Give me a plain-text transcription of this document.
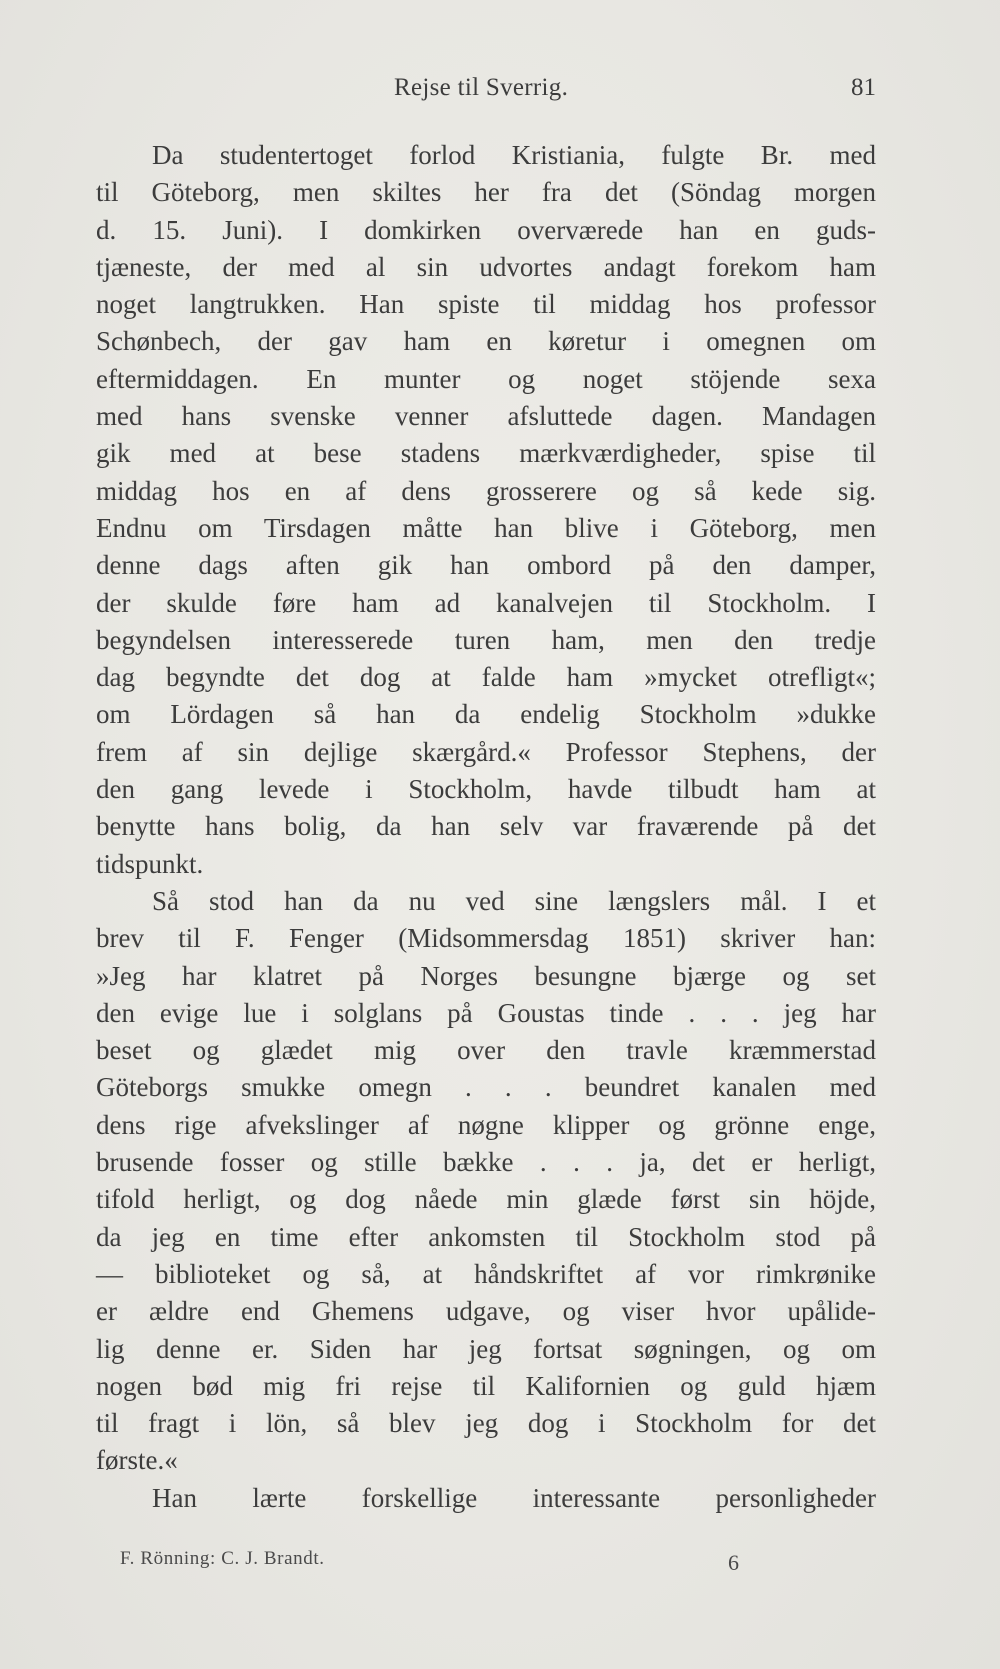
Rejse til Sverrig.	81
Da studentertoget forlod Kristiania, fulgte Br. med
til Göteborg, men skiltes her fra det (Söndag morgen
d. 15. Juni). I domkirken overværede han en guds-
tjæneste, der med al sin udvortes andagt forekom ham
noget langtrukken. Han spiste til middag hos professor
Schønbech, der gav ham en køretur i omegnen om
eftermiddagen. En munter og noget stöjende sexa
med hans svenske venner afsluttede dagen. Mandagen
gik med at bese stadens mærkværdigheder, spise til
middag hos en af dens grosserere og så kede sig.
Endnu om Tirsdagen måtte han blive i Göteborg, men
denne dags aften gik han ombord på den damper,
der skulde føre ham ad kanalvejen til Stockholm. I
begyndelsen interesserede turen ham, men den tredje
dag begyndte det dog at falde ham »mycket otrefligt«;
om Lördagen så han da endelig Stockholm »dukke
frem af sin dejlige skærgård.« Professor Stephens, der
den gang levede i Stockholm, havde tilbudt ham at
benytte hans bolig, da han selv var fraværende på det
tidspunkt.
Så stod han da nu ved sine længslers mål. I et
brev til F. Fenger (Midsommersdag 1851) skriver han:
»Jeg har klatret på Norges besungne bjærge og set
den evige lue i solglans på Goustas tinde . . . jeg har
beset og glædet mig over den travle kræmmerstad
Göteborgs smukke omegn . . . beundret kanalen med
dens rige afvekslinger af nøgne klipper og grönne enge,
brusende fosser og stille bække . . . ja, det er herligt,
tifold herligt, og dog nåede min glæde først sin höjde,
da jeg en time efter ankomsten til Stockholm stod på
— biblioteket og så, at håndskriftet af vor rimkrønike
er ældre end Ghemens udgave, og viser hvor upålide-
lig denne er. Siden har jeg fortsat søgningen, og om
nogen bød mig fri rejse til Kalifornien og guld hjæm
til fragt i lön, så blev jeg dog i Stockholm for det
første.«
Han lærte forskellige interessante personligheder
F. Rönning: C. J. Brandt.	6
